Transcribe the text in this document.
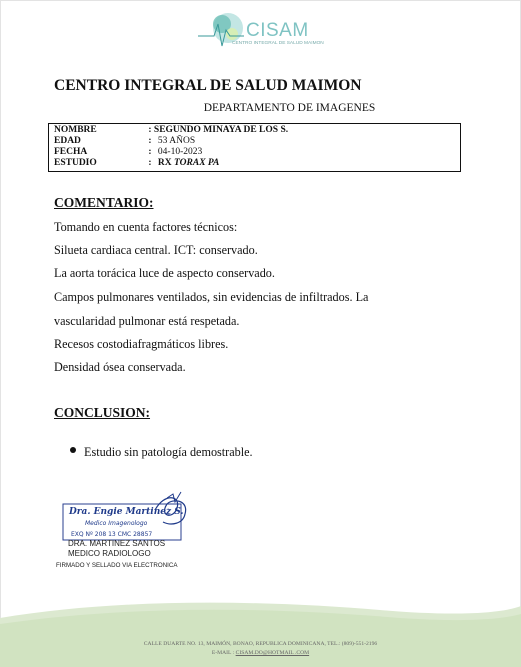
CISAM
CENTRO INTEGRAL DE SALUD MAIMON
CENTRO INTEGRAL DE SALUD MAIMON
DEPARTAMENTO DE IMAGENES
NOMBRE	: SEGUNDO MINAYA DE LOS S.
EDAD	: 53 AÑOS
FECHA	: 04-10-2023
ESTUDIO	: RX TORAX PA
COMENTARIO:
Tomando en cuenta factores técnicos:
Silueta cardiaca central. ICT: conservado.
La aorta torácica luce de aspecto conservado.
Campos pulmonares ventilados, sin evidencias de infiltrados. La
vascularidad pulmonar está respetada.
Recesos costodiafragmáticos libres.
Densidad ósea conservada.
CONCLUSION:
Estudio sin patología demostrable.
Dra. Engie Martinez S.
Medico Imagenologo
EXQ Nº 208 13 CMC 28857
DRA. MARTINEZ SANTOS
MEDICO RADIOLOGO
FIRMADO Y SELLADO VIA ELECTRONICA
CALLE DUARTE NO. 13, MAIMÓN, BONAO, REPUBLICA DOMINICANA, TEL.: (809)-551-2196
E-MAIL : CISAM.DO@HOTMAIL .COM
